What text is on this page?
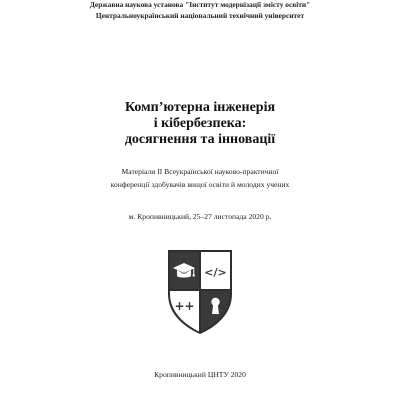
Державна наукова установа "Інститут модернізації змісту освіти"
Центральноукраїнський національний технічний університет
Комп’ютерна інженерія
і кібербезпека:
досягнення та інновації
Матеріали ІІ Всеукраїнської науково-практичної
конференції здобувачів вищої освіти й молодих учених
м. Кропивницький, 25–27 листопада 2020 р.
</>
++
Кропивницький ЦНТУ 2020
